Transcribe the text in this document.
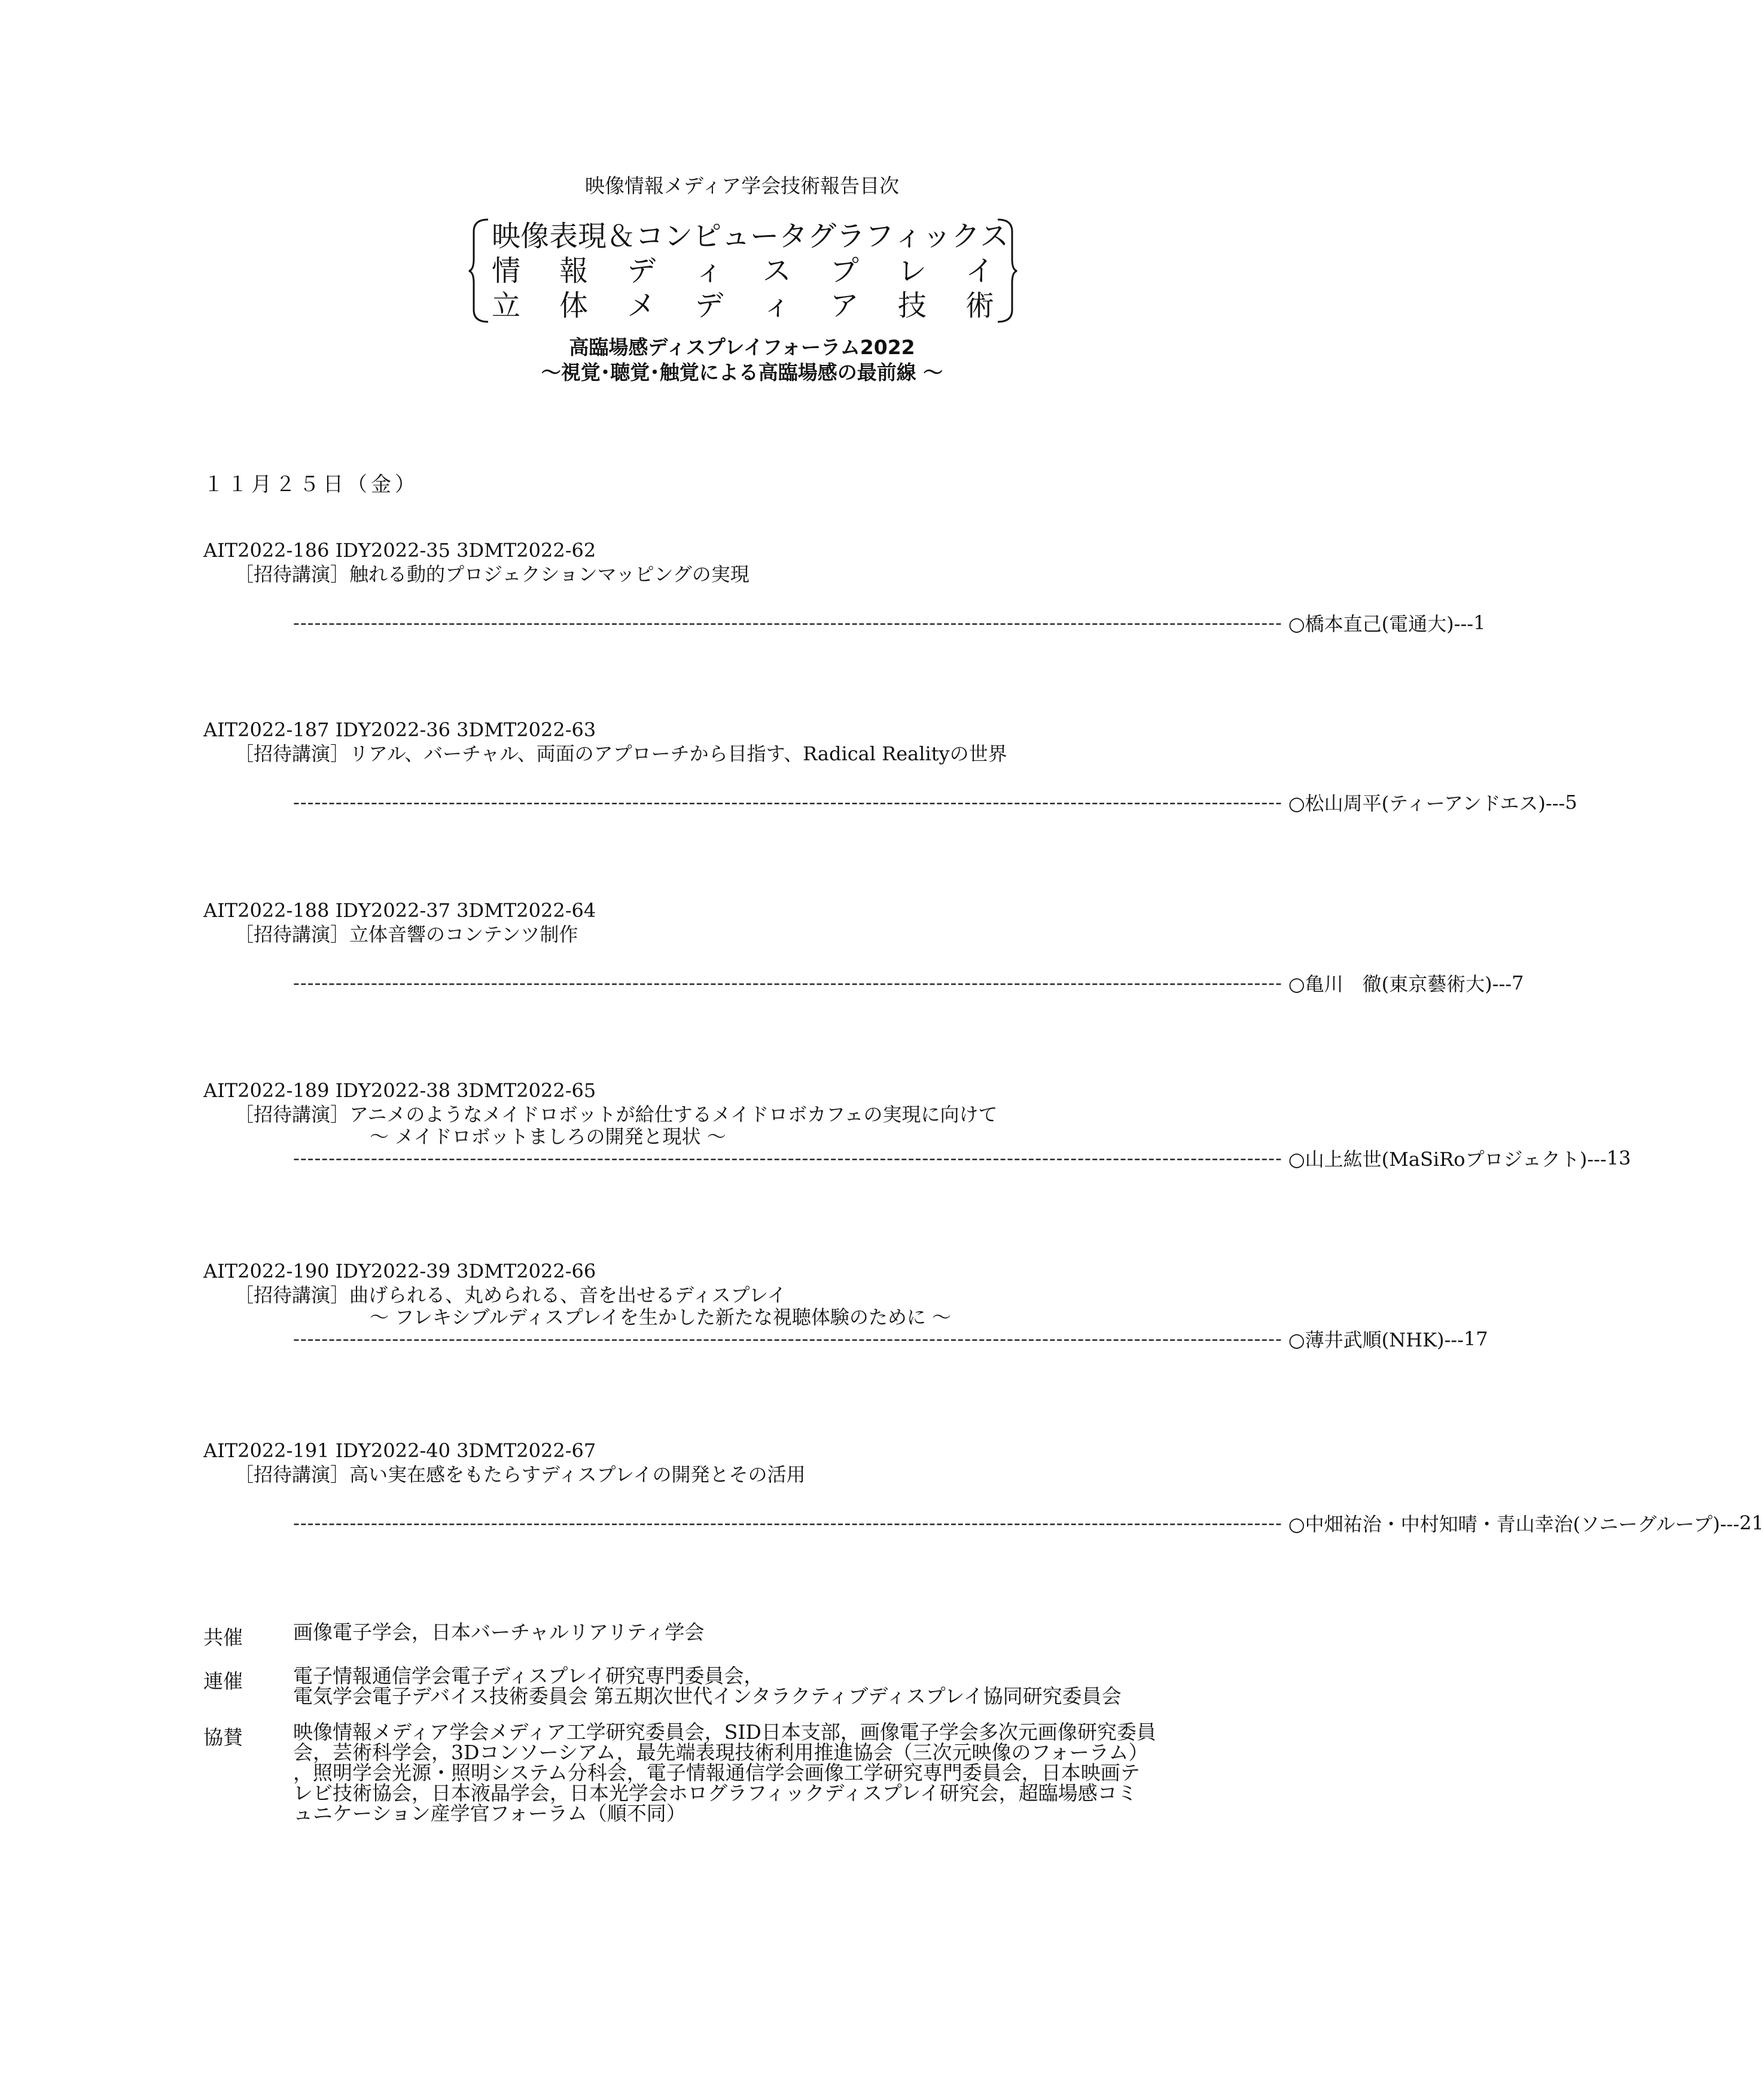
映像情報メディア学会技術報告目次
映 像 表 現 ＆ コ ン ピ ュ ー タ グ ラ フ ィ ッ ク ス
情 報 デ ィ ス プ レ イ
立 体 メ デ ィ ア 技 術
高臨場感ディスプレイフォーラム2022
～視覚･聴覚･触覚による高臨場感の最前線 ～
１１月２５日（金）
AIT2022-186 IDY2022-35 3DMT2022-62
［招待講演］触れる動的プロジェクションマッピングの実現
-------------------------------------------------------------------------------------------------------------------------------------------- ○橋本直己(電通大)--- 1
AIT2022-187 IDY2022-36 3DMT2022-63
［招待講演］リアル、バーチャル、両面のアプローチから目指す、Radical Realityの世界
-------------------------------------------------------------------------------------------------------------------------------------------- ○松山周平(ティーアンドエス)--- 5
AIT2022-188 IDY2022-37 3DMT2022-64
［招待講演］立体音響のコンテンツ制作
-------------------------------------------------------------------------------------------------------------------------------------------- ○亀川　徹(東京藝術大)--- 7
AIT2022-189 IDY2022-38 3DMT2022-65
［招待講演］アニメのようなメイドロボットが給仕するメイドロボカフェの実現に向けて
～ メイドロボットましろの開発と現状 ～
-------------------------------------------------------------------------------------------------------------------------------------------- ○山上紘世(MaSiRoプロジェクト)--- 13
AIT2022-190 IDY2022-39 3DMT2022-66
［招待講演］曲げられる、丸められる、音を出せるディスプレイ
～ フレキシブルディスプレイを生かした新たな視聴体験のために ～
-------------------------------------------------------------------------------------------------------------------------------------------- ○薄井武順(NHK)--- 17
AIT2022-191 IDY2022-40 3DMT2022-67
［招待講演］高い実在感をもたらすディスプレイの開発とその活用
-------------------------------------------------------------------------------------------------------------------------------------------- ○中畑祐治・中村知晴・青山幸治(ソニーグループ)--- 21
共催	画像電子学会，日本バーチャルリアリティ学会
連催	電子情報通信学会電子ディスプレイ研究専門委員会，
電気学会電子デバイス技術委員会 第五期次世代インタラクティブディスプレイ協同研究委員会
協賛	映像情報メディア学会メディア工学研究委員会，SID日本支部，画像電子学会多次元画像研究委員
会，芸術科学会，3Dコンソーシアム，最先端表現技術利用推進協会（三次元映像のフォーラム）
，照明学会光源・照明システム分科会，電子情報通信学会画像工学研究専門委員会，日本映画テ
レビ技術協会，日本液晶学会，日本光学会ホログラフィックディスプレイ研究会，超臨場感コミ
ュニケーション産学官フォーラム（順不同）
